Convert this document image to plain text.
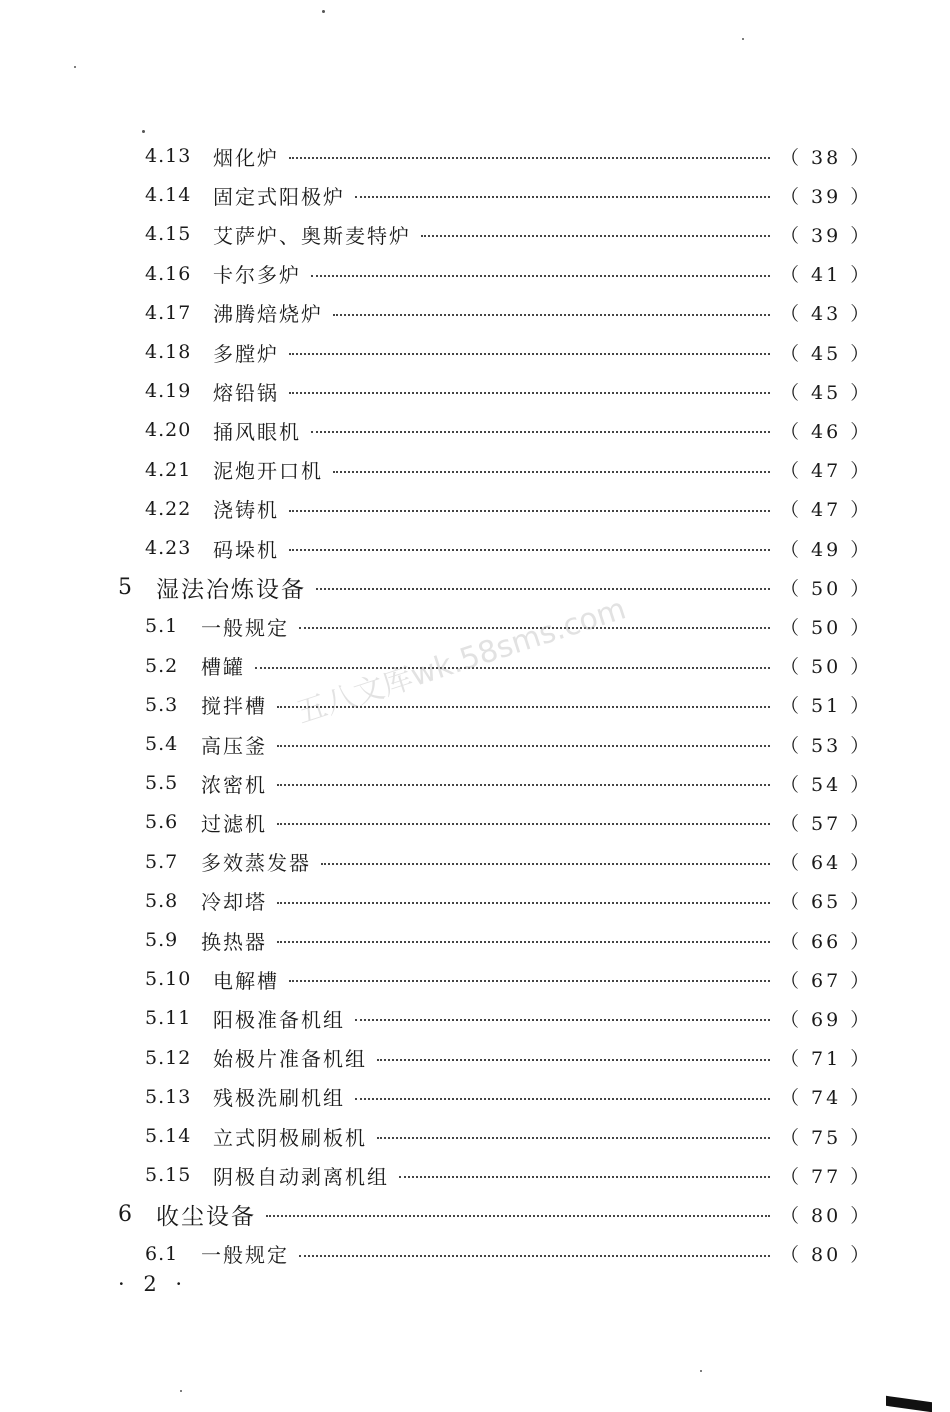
4.13	烟化炉	（ 38 ）
4.14	固定式阳极炉	（ 39 ）
4.15	艾萨炉、奥斯麦特炉	（ 39 ）
4.16	卡尔多炉	（ 41 ）
4.17	沸腾焙烧炉	（ 43 ）
4.18	多膛炉	（ 45 ）
4.19	熔铅锅	（ 45 ）
4.20	捅风眼机	（ 46 ）
4.21	泥炮开口机	（ 47 ）
4.22	浇铸机	（ 47 ）
4.23	码垛机	（ 49 ）
5	湿法冶炼设备	（ 50 ）
5.1	一般规定	（ 50 ）
5.2	槽罐	（ 50 ）
5.3	搅拌槽	（ 51 ）
5.4	高压釜	（ 53 ）
5.5	浓密机	（ 54 ）
5.6	过滤机	（ 57 ）
5.7	多效蒸发器	（ 64 ）
5.8	冷却塔	（ 65 ）
5.9	换热器	（ 66 ）
5.10	电解槽	（ 67 ）
5.11	阳极准备机组	（ 69 ）
5.12	始极片准备机组	（ 71 ）
5.13	残极洗刷机组	（ 74 ）
5.14	立式阴极刷板机	（ 75 ）
5.15	阴极自动剥离机组	（ 77 ）
6	收尘设备	（ 80 ）
6.1	一般规定	（ 80 ）
五八文库wk.58sms.com
· 2 ·
